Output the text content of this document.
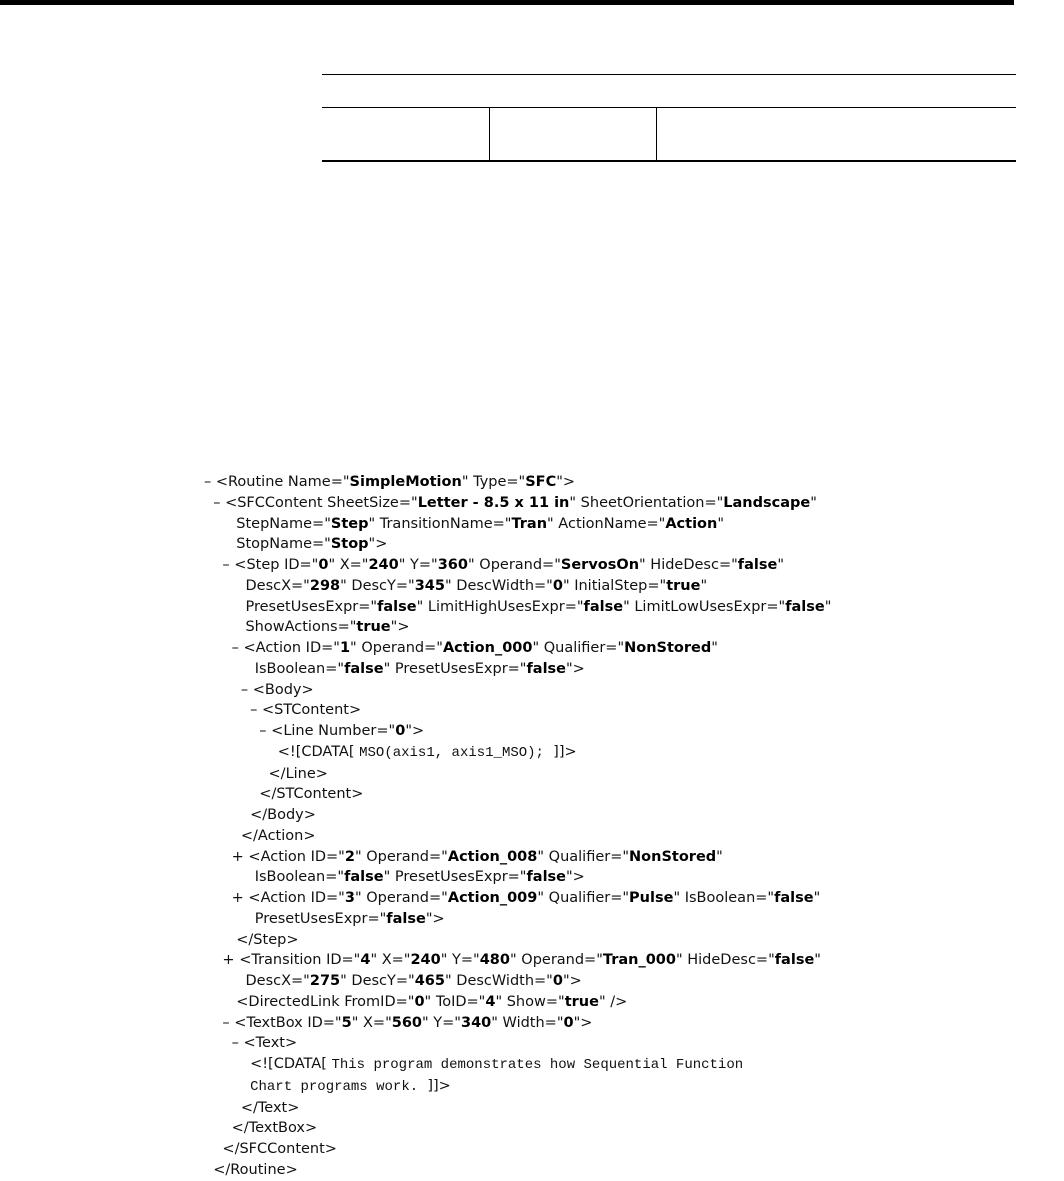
– <Routine Name="SimpleMotion" Type="SFC">
– <SFCContent SheetSize="Letter - 8.5 x 11 in" SheetOrientation="Landscape"
StepName="Step" TransitionName="Tran" ActionName="Action"
StopName="Stop">
– <Step ID="0" X="240" Y="360" Operand="ServosOn" HideDesc="false"
DescX="298" DescY="345" DescWidth="0" InitialStep="true"
PresetUsesExpr="false" LimitHighUsesExpr="false" LimitLowUsesExpr="false"
ShowActions="true">
– <Action ID="1" Operand="Action_000" Qualifier="NonStored"
IsBoolean="false" PresetUsesExpr="false">
– <Body>
– <STContent>
– <Line Number="0">
<![CDATA[ MSO(axis1, axis1_MSO);  ]]>
</Line>
</STContent>
</Body>
</Action>
+ <Action ID="2" Operand="Action_008" Qualifier="NonStored"
IsBoolean="false" PresetUsesExpr="false">
+ <Action ID="3" Operand="Action_009" Qualifier="Pulse" IsBoolean="false"
PresetUsesExpr="false">
</Step>
+ <Transition ID="4" X="240" Y="480" Operand="Tran_000" HideDesc="false"
DescX="275" DescY="465" DescWidth="0">
<DirectedLink FromID="0" ToID="4" Show="true" />
– <TextBox ID="5" X="560" Y="340" Width="0">
– <Text>
<![CDATA[ This program demonstrates how Sequential Function
Chart programs work.  ]]>
</Text>
</TextBox>
</SFCContent>
</Routine>
